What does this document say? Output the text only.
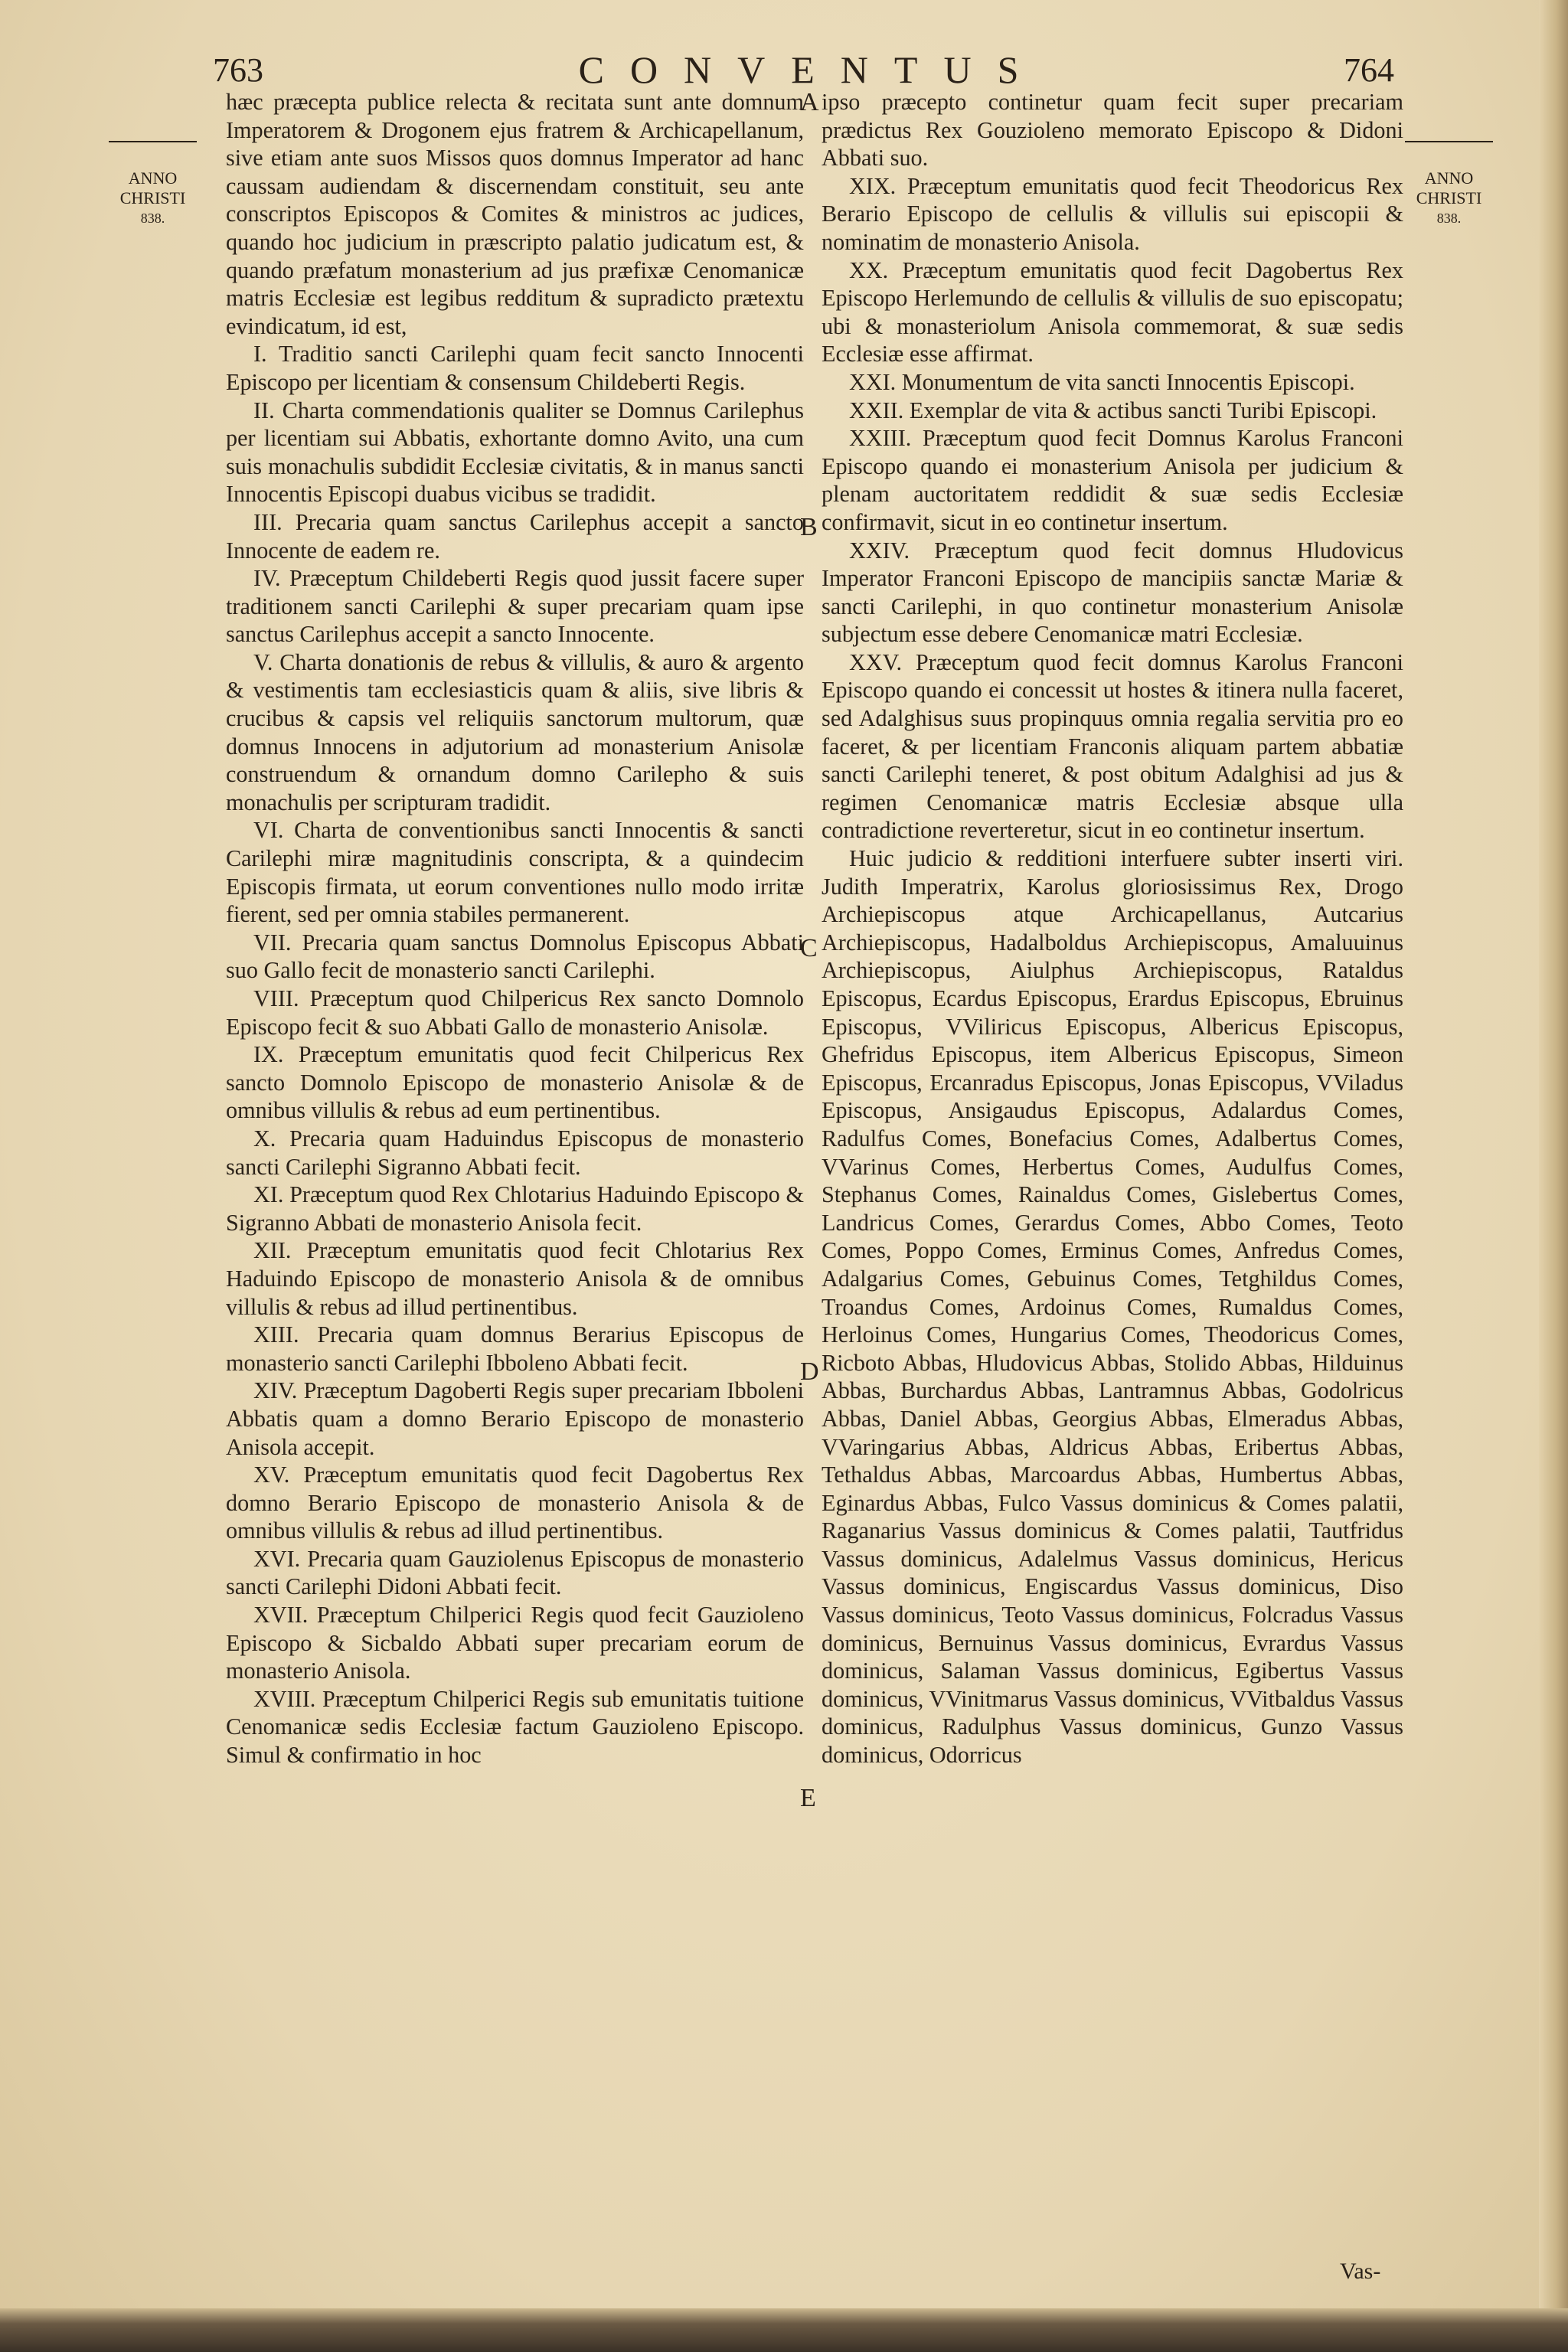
763	CONVENTUS	764
ANNO
CHRISTI
838.
ANNO
CHRISTI
838.
A
B
C
D
E

hæc præcepta publice relecta & recitata sunt ante domnum Imperatorem & Drogonem ejus fratrem & Archicapellanum, sive etiam ante suos Missos quos domnus Imperator ad hanc caussam audiendam & discernendam constituit, seu ante conscriptos Episcopos & Comites & ministros ac judices, quando hoc judicium in præscripto palatio judicatum est, & quando præfatum monasterium ad jus præfixæ Cenomanicæ matris Ecclesiæ est legibus redditum & supradicto prætextu evindicatum, id est,

I. Traditio sancti Carilephi quam fecit sancto Innocenti Episcopo per licentiam & consensum Childeberti Regis.

II. Charta commendationis qualiter se Domnus Carilephus per licentiam sui Abbatis, exhortante domno Avito, una cum suis monachulis subdidit Ecclesiæ civitatis, & in manus sancti Innocentis Episcopi duabus vicibus se tradidit.

III. Precaria quam sanctus Carilephus accepit a sancto Innocente de eadem re.

IV. Præceptum Childeberti Regis quod jussit facere super traditionem sancti Carilephi & super precariam quam ipse sanctus Carilephus accepit a sancto Innocente.

V. Charta donationis de rebus & villulis, & auro & argento & vestimentis tam ecclesiasticis quam & aliis, sive libris & crucibus & capsis vel reliquiis sanctorum multorum, quæ domnus Innocens in adjutorium ad monasterium Anisolæ construendum & ornandum domno Carilepho & suis monachulis per scripturam tradidit.

VI. Charta de conventionibus sancti Innocentis & sancti Carilephi miræ magnitudinis conscripta, & a quindecim Episcopis firmata, ut eorum conventiones nullo modo irritæ fierent, sed per omnia stabiles permanerent.

VII. Precaria quam sanctus Domnolus Episcopus Abbati suo Gallo fecit de monasterio sancti Carilephi.

VIII. Præceptum quod Chilpericus Rex sancto Domnolo Episcopo fecit & suo Abbati Gallo de monasterio Anisolæ.

IX. Præceptum emunitatis quod fecit Chilpericus Rex sancto Domnolo Episcopo de monasterio Anisolæ & de omnibus villulis & rebus ad eum pertinentibus.

X. Precaria quam Haduindus Episcopus de monasterio sancti Carilephi Sigranno Abbati fecit.

XI. Præceptum quod Rex Chlotarius Haduindo Episcopo & Sigranno Abbati de monasterio Anisola fecit.

XII. Præceptum emunitatis quod fecit Chlotarius Rex Haduindo Episcopo de monasterio Anisola & de omnibus villulis & rebus ad illud pertinentibus.

XIII. Precaria quam domnus Berarius Episcopus de monasterio sancti Carilephi Ibboleno Abbati fecit.

XIV. Præceptum Dagoberti Regis super precariam Ibboleni Abbatis quam a domno Berario Episcopo de monasterio Anisola accepit.

XV. Præceptum emunitatis quod fecit Dagobertus Rex domno Berario Episcopo de monasterio Anisola & de omnibus villulis & rebus ad illud pertinentibus.

XVI. Precaria quam Gauziolenus Episcopus de monasterio sancti Carilephi Didoni Abbati fecit.

XVII. Præceptum Chilperici Regis quod fecit Gauzioleno Episcopo & Sicbaldo Abbati super precariam eorum de monasterio Anisola.

XVIII. Præceptum Chilperici Regis sub emunitatis tuitione Cenomanicæ sedis Ecclesiæ factum Gauzioleno Episcopo. Simul & confirmatio in hoc

ipso præcepto continetur quam fecit super precariam prædictus Rex Gouzioleno memorato Episcopo & Didoni Abbati suo.

XIX. Præceptum emunitatis quod fecit Theodoricus Rex Berario Episcopo de cellulis & villulis sui episcopii & nominatim de monasterio Anisola.

XX. Præceptum emunitatis quod fecit Dagobertus Rex Episcopo Herlemundo de cellulis & villulis de suo episcopatu; ubi & monasteriolum Anisola commemorat, & suæ sedis Ecclesiæ esse affirmat.

XXI. Monumentum de vita sancti Innocentis Episcopi.

XXII. Exemplar de vita & actibus sancti Turibi Episcopi.

XXIII. Præceptum quod fecit Domnus Karolus Franconi Episcopo quando ei monasterium Anisola per judicium & plenam auctoritatem reddidit & suæ sedis Ecclesiæ confirmavit, sicut in eo continetur insertum.

XXIV. Præceptum quod fecit domnus Hludovicus Imperator Franconi Episcopo de mancipiis sanctæ Mariæ & sancti Carilephi, in quo continetur monasterium Anisolæ subjectum esse debere Cenomanicæ matri Ecclesiæ.

XXV. Præceptum quod fecit domnus Karolus Franconi Episcopo quando ei concessit ut hostes & itinera nulla faceret, sed Adalghisus suus propinquus omnia regalia servitia pro eo faceret, & per licentiam Franconis aliquam partem abbatiæ sancti Carilephi teneret, & post obitum Adalghisi ad jus & regimen Cenomanicæ matris Ecclesiæ absque ulla contradictione reverteretur, sicut in eo continetur insertum.

Huic judicio & redditioni interfuere subter inserti viri. Judith Imperatrix, Karolus gloriosissimus Rex, Drogo Archiepiscopus atque Archicapellanus, Autcarius Archiepiscopus, Hadalboldus Archiepiscopus, Amaluuinus Archiepiscopus, Aiulphus Archiepiscopus, Rataldus Episcopus, Ecardus Episcopus, Erardus Episcopus, Ebruinus Episcopus, VViliricus Episcopus, Albericus Episcopus, Ghefridus Episcopus, item Albericus Episcopus, Simeon Episcopus, Ercanradus Episcopus, Jonas Episcopus, VViladus Episcopus, Ansigaudus Episcopus, Adalardus Comes, Radulfus Comes, Bonefacius Comes, Adalbertus Comes, VVarinus Comes, Herbertus Comes, Audulfus Comes, Stephanus Comes, Rainaldus Comes, Gislebertus Comes, Landricus Comes, Gerardus Comes, Abbo Comes, Teoto Comes, Poppo Comes, Erminus Comes, Anfredus Comes, Adalgarius Comes, Gebuinus Comes, Tetghildus Comes, Troandus Comes, Ardoinus Comes, Rumaldus Comes, Herloinus Comes, Hungarius Comes, Theodoricus Comes, Ricboto Abbas, Hludovicus Abbas, Stolido Abbas, Hilduinus Abbas, Burchardus Abbas, Lantramnus Abbas, Godolricus Abbas, Daniel Abbas, Georgius Abbas, Elmeradus Abbas, VVaringarius Abbas, Aldricus Abbas, Eribertus Abbas, Tethaldus Abbas, Marcoardus Abbas, Humbertus Abbas, Eginardus Abbas, Fulco Vassus dominicus & Comes palatii, Raganarius Vassus dominicus & Comes palatii, Tautfridus Vassus dominicus, Adalelmus Vassus dominicus, Hericus Vassus dominicus, Engiscardus Vassus dominicus, Diso Vassus dominicus, Teoto Vassus dominicus, Folcradus Vassus dominicus, Bernuinus Vassus dominicus, Evrardus Vassus dominicus, Salaman Vassus dominicus, Egibertus Vassus dominicus, VVinitmarus Vassus dominicus, VVitbaldus Vassus dominicus, Radulphus Vassus dominicus, Gunzo Vassus dominicus, Odorricus

Vas-
